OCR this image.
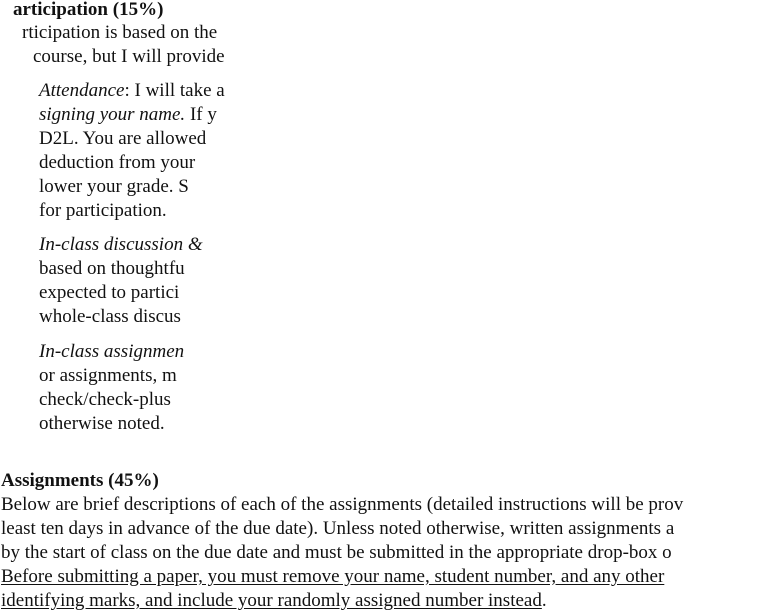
articipation (15%)
rticipation is based on the
course, but I will provide
Attendance: I will take a
signing your name. If y
D2L. You are allowed
deduction from your
lower your grade. S
for participation.
In-class discussion &
based on thoughtfu
expected to partici
whole-class discus
In-class assignmen
or assignments, m
check/check-plus
otherwise noted.
Assignments (45%)
Below are brief descriptions of each of the assignments (detailed instructions will be prov
least ten days in advance of the due date). Unless noted otherwise, written assignments a
by the start of class on the due date and must be submitted in the appropriate drop-box o
Before submitting a paper, you must remove your name, student number, and any other
identifying marks, and include your randomly assigned number instead.
